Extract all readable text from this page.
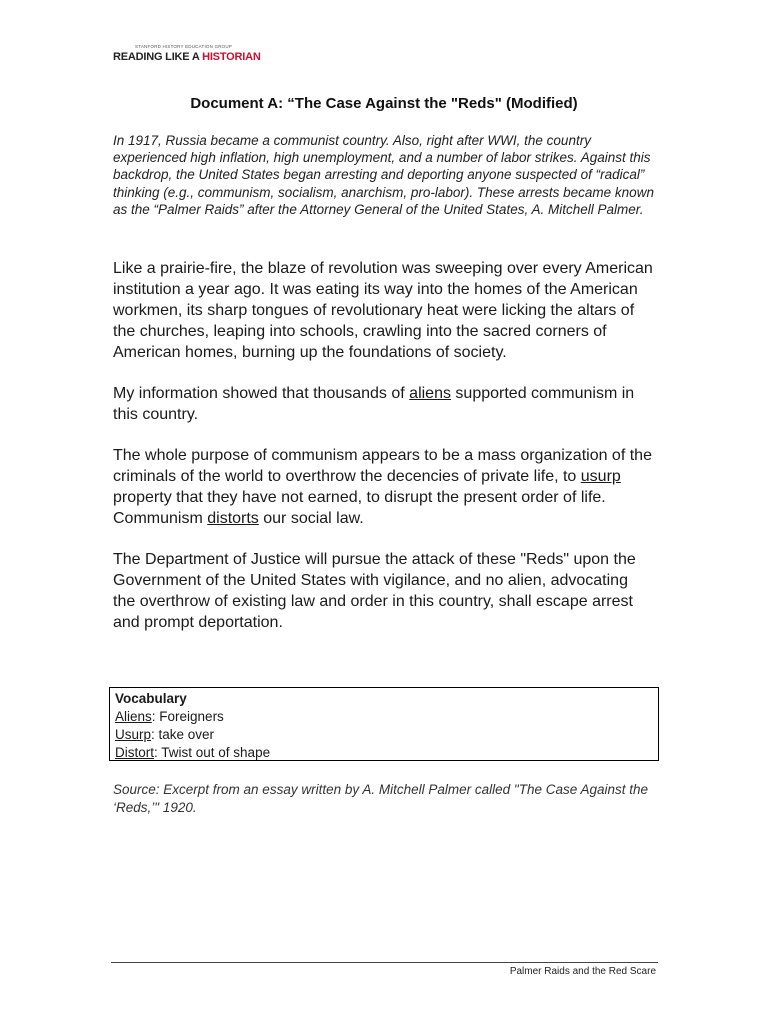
STANFORD HISTORY EDUCATION GROUP
READING LIKE A HISTORIAN
Document A: “The Case Against the "Reds" (Modified)

In 1917, Russia became a communist country. Also, right after WWI, the country experienced high inflation, high unemployment, and a number of labor strikes. Against this backdrop, the United States began arresting and deporting anyone suspected of “radical” thinking (e.g., communism, socialism, anarchism, pro-labor). These arrests became known as the “Palmer Raids” after the Attorney General of the United States, A. Mitchell Palmer.

Like a prairie-fire, the blaze of revolution was sweeping over every American institution a year ago. It was eating its way into the homes of the American workmen, its sharp tongues of revolutionary heat were licking the altars of the churches, leaping into schools, crawling into the sacred corners of American homes, burning up the foundations of society.

My information showed that thousands of aliens supported communism in this country.

The whole purpose of communism appears to be a mass organization of the criminals of the world to overthrow the decencies of private life, to usurp property that they have not earned, to disrupt the present order of life. Communism distorts our social law.

The Department of Justice will pursue the attack of these "Reds" upon the Government of the United States with vigilance, and no alien, advocating the overthrow of existing law and order in this country, shall escape arrest and prompt deportation.

Vocabulary
Aliens: Foreigners
Usurp: take over
Distort: Twist out of shape

Source: Excerpt from an essay written by A. Mitchell Palmer called "The Case Against the ‘Reds,’" 1920.

Palmer Raids and the Red Scare
